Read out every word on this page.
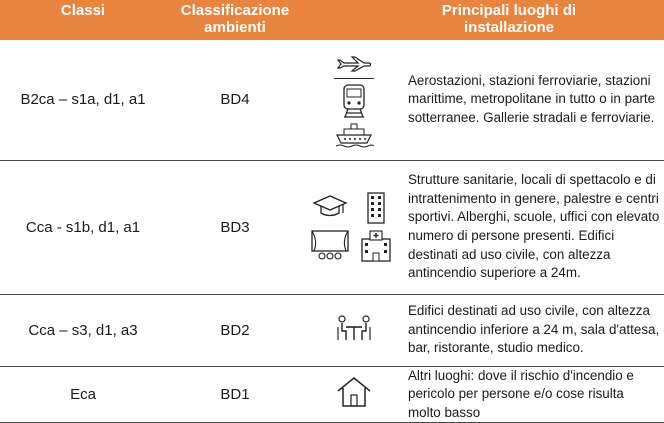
Classi	Classificazione ambienti	Principali luoghi di installazione	

B2ca – s1a, d1, a1	BD4		Aerostazioni, stazioni ferroviarie, stazioni marittime, metropolitane in tutto o in parte sotterranee. Gallerie stradali e ferroviarie.
Cca - s1b, d1, a1	BD3		Strutture sanitarie, locali di spettacolo e di intrattenimento in genere, palestre e centri sportivi. Alberghi, scuole, uffici con elevato numero di persone presenti. Edifici destinati ad uso civile, con altezza antincendio superiore a 24m.
Cca – s3, d1, a3	BD2		Edifici destinati ad uso civile, con altezza antincendio inferiore a 24 m, sala d'attesa, bar, ristorante, studio medico.
Eca	BD1		Altri luoghi: dove il rischio d'incendio e pericolo per persone e/o cose risulta molto basso
